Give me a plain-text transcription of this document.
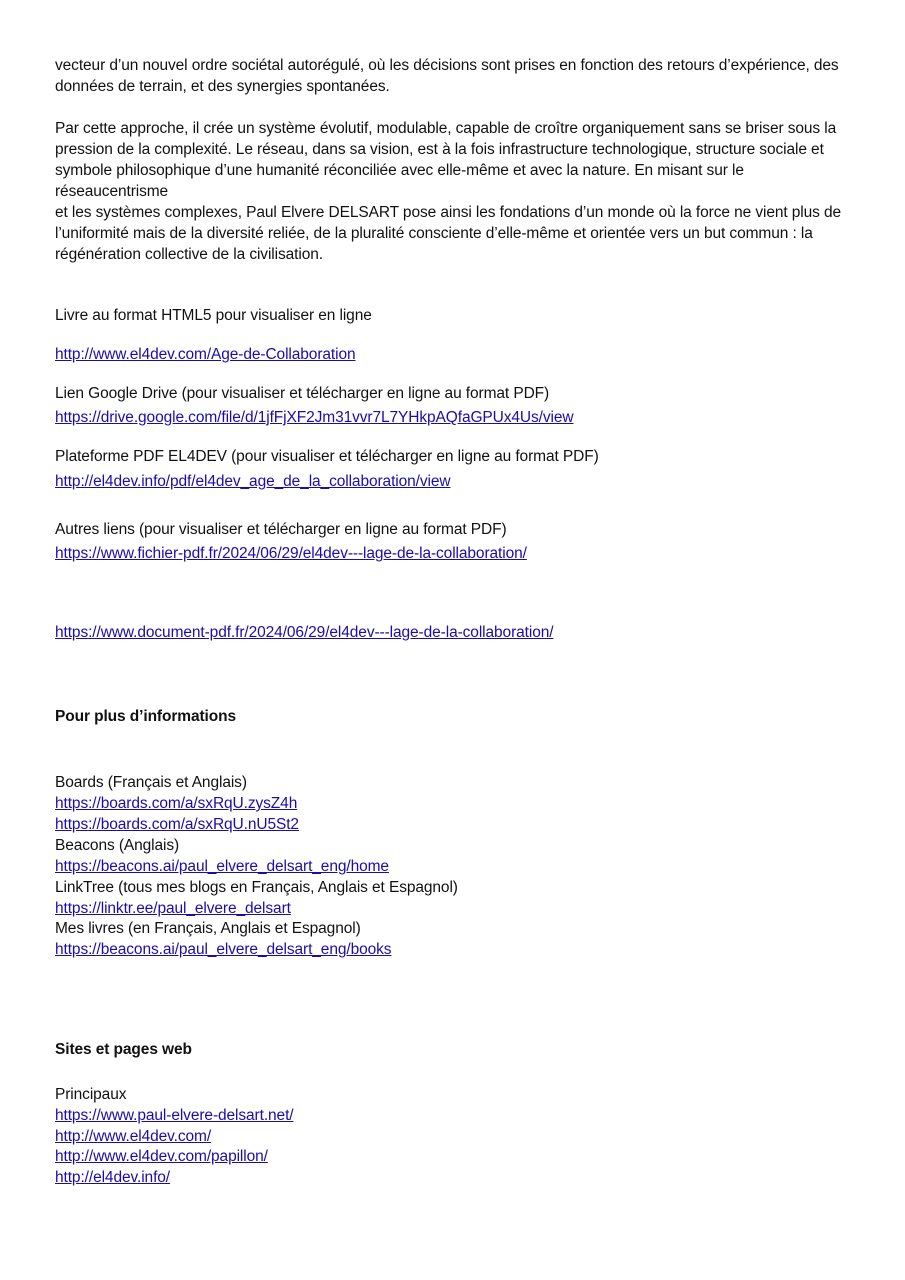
vecteur d’un nouvel ordre sociétal autorégulé, où les décisions sont prises en fonction des retours d’expérience, des

données de terrain, et des synergies spontanées.

Par cette approche, il crée un système évolutif, modulable, capable de croître organiquement sans se briser sous la

pression de la complexité. Le réseau, dans sa vision, est à la fois infrastructure technologique, structure sociale et

symbole philosophique d’une humanité réconciliée avec elle-même et avec la nature. En misant sur le réseaucentrisme

et les systèmes complexes, Paul Elvere DELSART pose ainsi les fondations d’un monde où la force ne vient plus de

l’uniformité mais de la diversité reliée, de la pluralité consciente d’elle-même et orientée vers un but commun : la

régénération collective de la civilisation.

Livre au format HTML5 pour visualiser en ligne
http://www.el4dev.com/Age-de-Collaboration
Lien Google Drive (pour visualiser et télécharger en ligne au format PDF)
https://drive.google.com/file/d/1jfFjXF2Jm31vvr7L7YHkpAQfaGPUx4Us/view
Plateforme PDF EL4DEV (pour visualiser et télécharger en ligne au format PDF)
http://el4dev.info/pdf/el4dev_age_de_la_collaboration/view
Autres liens (pour visualiser et télécharger en ligne au format PDF)
https://www.fichier-pdf.fr/2024/06/29/el4dev---lage-de-la-collaboration/
https://www.document-pdf.fr/2024/06/29/el4dev---lage-de-la-collaboration/
Pour plus d’informations
Boards (Français et Anglais)
https://boards.com/a/sxRqU.zysZ4h
https://boards.com/a/sxRqU.nU5St2
Beacons (Anglais)
https://beacons.ai/paul_elvere_delsart_eng/home
LinkTree (tous mes blogs en Français, Anglais et Espagnol)
https://linktr.ee/paul_elvere_delsart
Mes livres (en Français, Anglais et Espagnol)
https://beacons.ai/paul_elvere_delsart_eng/books
Sites et pages web
Principaux
https://www.paul-elvere-delsart.net/
http://www.el4dev.com/
http://www.el4dev.com/papillon/
http://el4dev.info/
